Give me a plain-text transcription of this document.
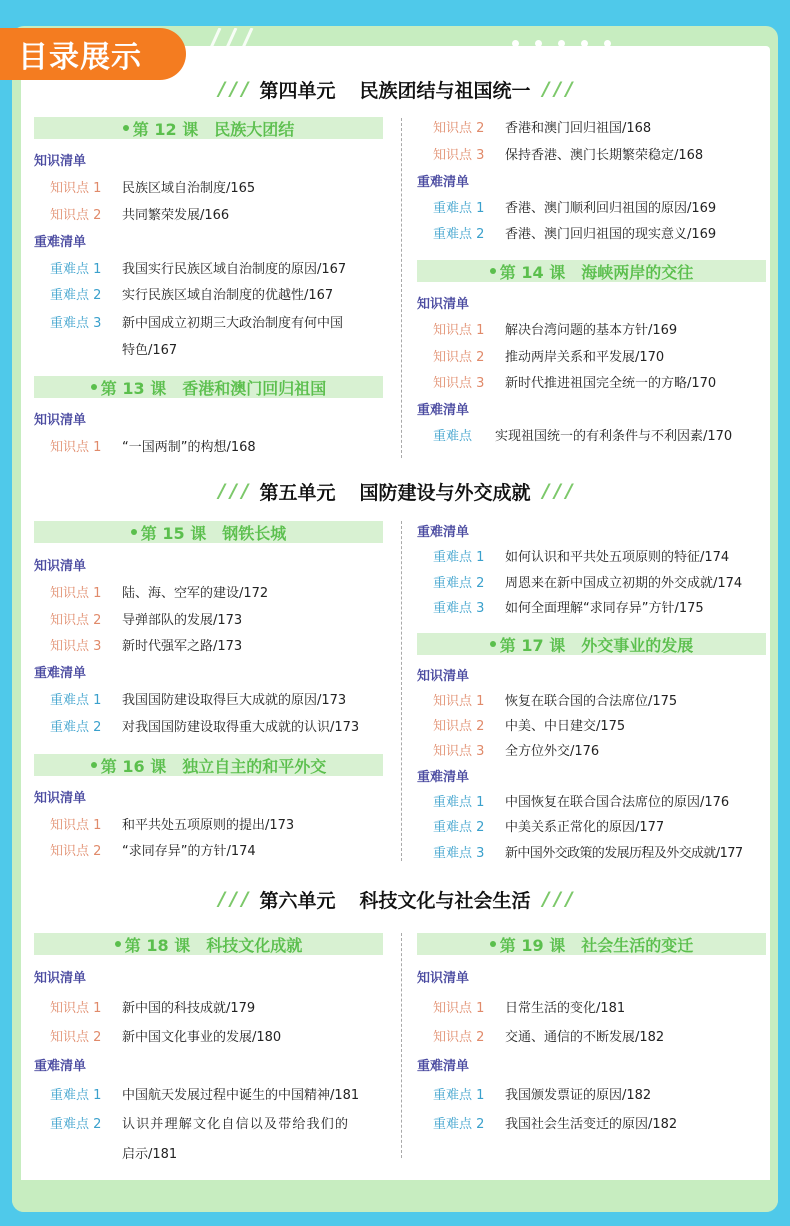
目录展示
/ / / 第四单元 民族团结与祖国统一 / / /
第 12 课 民族大团结
知识清单
知识点 1	民族区域自治制度/165
知识点 2	共同繁荣发展/166
重难清单
重难点 1	我国实行民族区域自治制度的原因/167
重难点 2	实行民族区域自治制度的优越性/167
重难点 3	新中国成立初期三大政治制度有何中国
特色/167
第 13 课 香港和澳门回归祖国
知识清单
知识点 1	“一国两制”的构想/168
知识点 2	香港和澳门回归祖国/168
知识点 3	保持香港、澳门长期繁荣稳定/168
重难清单
重难点 1	香港、澳门顺利回归祖国的原因/169
重难点 2	香港、澳门回归祖国的现实意义/169
第 14 课 海峡两岸的交往
知识清单
知识点 1	解决台湾问题的基本方针/169
知识点 2	推动两岸关系和平发展/170
知识点 3	新时代推进祖国完全统一的方略/170
重难清单
重难点	实现祖国统一的有利条件与不利因素/170
/ / / 第五单元 国防建设与外交成就 / / /
第 15 课 钢铁长城
知识清单
知识点 1	陆、海、空军的建设/172
知识点 2	导弹部队的发展/173
知识点 3	新时代强军之路/173
重难清单
重难点 1	我国国防建设取得巨大成就的原因/173
重难点 2	对我国国防建设取得重大成就的认识/173
第 16 课 独立自主的和平外交
知识清单
知识点 1	和平共处五项原则的提出/173
知识点 2	“求同存异”的方针/174
重难清单
重难点 1	如何认识和平共处五项原则的特征/174
重难点 2	周恩来在新中国成立初期的外交成就/174
重难点 3	如何全面理解“求同存异”方针/175
第 17 课 外交事业的发展
知识清单
知识点 1	恢复在联合国的合法席位/175
知识点 2	中美、中日建交/175
知识点 3	全方位外交/176
重难清单
重难点 1	中国恢复在联合国合法席位的原因/176
重难点 2	中美关系正常化的原因/177
重难点 3	新中国外交政策的发展历程及外交成就/177
/ / / 第六单元 科技文化与社会生活 / / /
第 18 课 科技文化成就
知识清单
知识点 1	新中国的科技成就/179
知识点 2	新中国文化事业的发展/180
重难清单
重难点 1	中国航天发展过程中诞生的中国精神/181
重难点 2	认识并理解文化自信以及带给我们的
启示/181
第 19 课 社会生活的变迁
知识清单
知识点 1	日常生活的变化/181
知识点 2	交通、通信的不断发展/182
重难清单
重难点 1	我国颁发票证的原因/182
重难点 2	我国社会生活变迁的原因/182
